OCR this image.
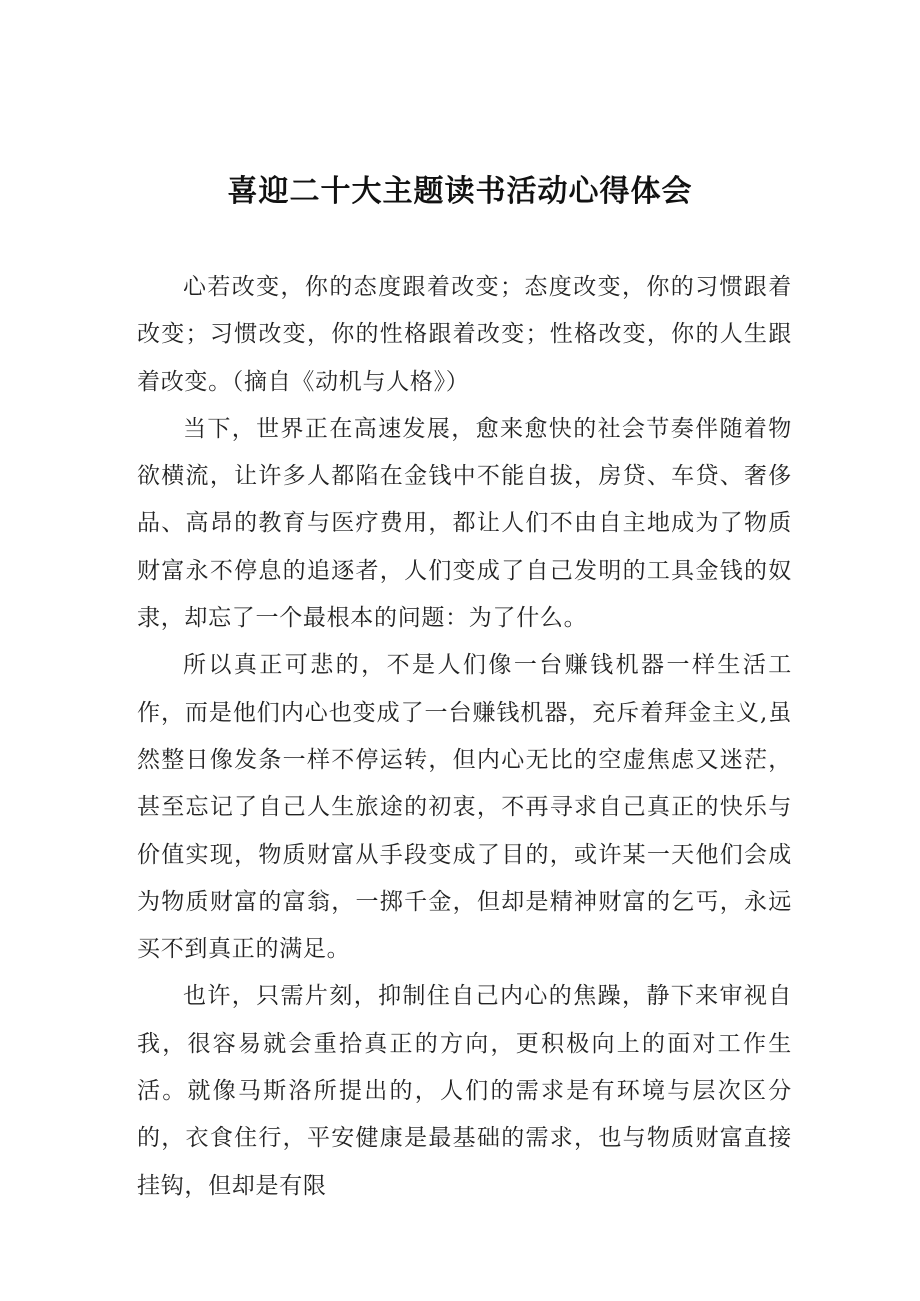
喜迎二十大主题读书活动心得体会

心若改变，你的态度跟着改变；态度改变，你的习惯跟着改变；习惯改变，你的性格跟着改变；性格改变，你的人生跟着改变。（摘自《动机与人格》）

当下，世界正在高速发展，愈来愈快的社会节奏伴随着物欲横流，让许多人都陷在金钱中不能自拔，房贷、车贷、奢侈品、高昂的教育与医疗费用，都让人们不由自主地成为了物质财富永不停息的追逐者，人们变成了自己发明的工具金钱的奴隶，却忘了一个最根本的问题：为了什么。

所以真正可悲的，不是人们像一台赚钱机器一样生活工作，而是他们内心也变成了一台赚钱机器，充斥着拜金主义,虽然整日像发条一样不停运转，但内心无比的空虚焦虑又迷茫，甚至忘记了自己人生旅途的初衷，不再寻求自己真正的快乐与价值实现，物质财富从手段变成了目的，或许某一天他们会成为物质财富的富翁，一掷千金，但却是精神财富的乞丐，永远买不到真正的满足。

也许，只需片刻，抑制住自己内心的焦躁，静下来审视自我，很容易就会重拾真正的方向，更积极向上的面对工作生活。就像马斯洛所提出的，人们的需求是有环境与层次区分的，衣食住行，平安健康是最基础的需求，也与物质财富直接挂钩，但却是有限
